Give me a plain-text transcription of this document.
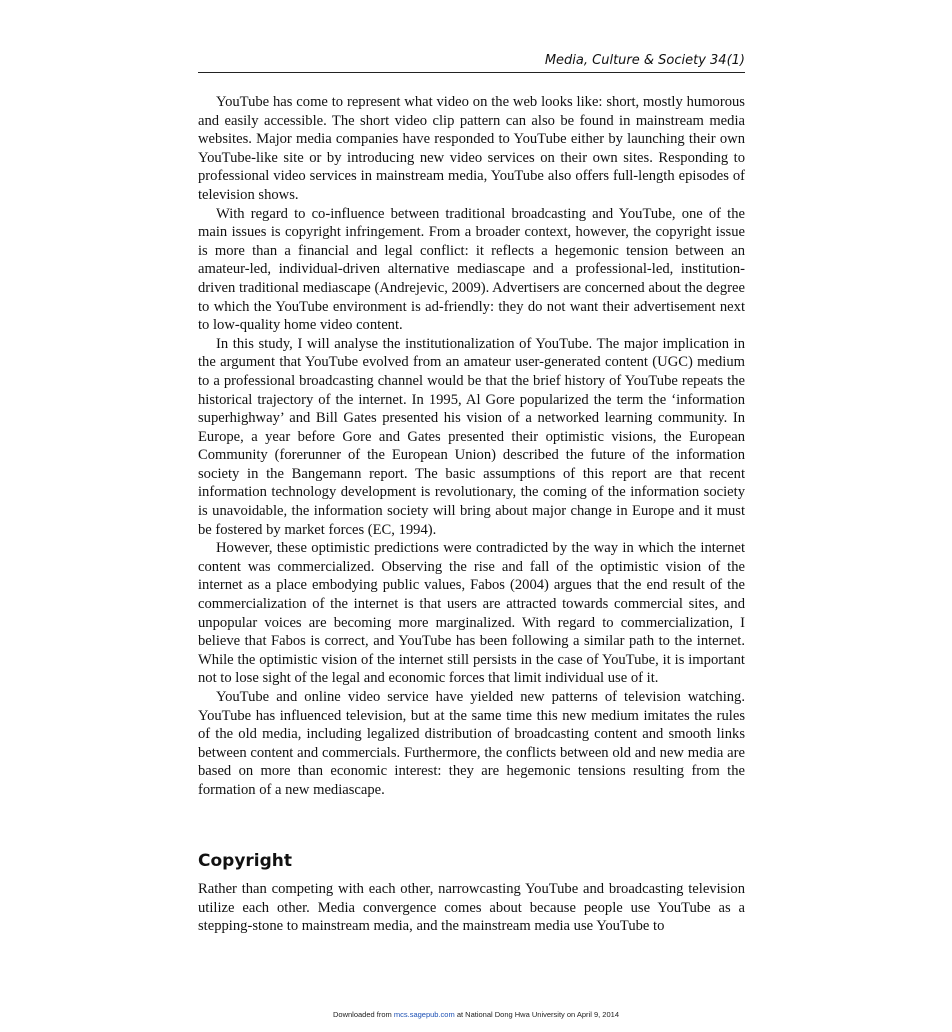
Media, Culture & Society 34(1)

YouTube has come to represent what video on the web looks like: short, mostly humorous and easily accessible. The short video clip pattern can also be found in mainstream media websites. Major media companies have responded to YouTube either by launching their own YouTube-like site or by introducing new video services on their own sites. Responding to professional video services in mainstream media, YouTube also offers full-length episodes of television shows.

With regard to co-influence between traditional broadcasting and YouTube, one of the main issues is copyright infringement. From a broader context, however, the copyright issue is more than a financial and legal conflict: it reflects a hegemonic tension between an amateur-led, individual-driven alternative mediascape and a professional-led, institution-driven traditional mediascape (Andrejevic, 2009). Advertisers are concerned about the degree to which the YouTube environment is ad-friendly: they do not want their advertisement next to low-quality home video content.

In this study, I will analyse the institutionalization of YouTube. The major implication in the argument that YouTube evolved from an amateur user-generated content (UGC) medium to a professional broadcasting channel would be that the brief history of YouTube repeats the historical trajectory of the internet. In 1995, Al Gore popularized the term the ‘information superhighway’ and Bill Gates presented his vision of a networked learning community. In Europe, a year before Gore and Gates presented their optimistic visions, the European Community (forerunner of the European Union) described the future of the information society in the Bangemann report. The basic assumptions of this report are that recent information technology development is revolutionary, the coming of the information society is unavoidable, the information society will bring about major change in Europe and it must be fostered by market forces (EC, 1994).

However, these optimistic predictions were contradicted by the way in which the internet content was commercialized. Observing the rise and fall of the optimistic vision of the internet as a place embodying public values, Fabos (2004) argues that the end result of the commercialization of the internet is that users are attracted towards commercial sites, and unpopular voices are becoming more marginalized. With regard to commercialization, I believe that Fabos is correct, and YouTube has been following a similar path to the internet. While the optimistic vision of the internet still persists in the case of YouTube, it is important not to lose sight of the legal and economic forces that limit individual use of it.

YouTube and online video service have yielded new patterns of television watching. YouTube has influenced television, but at the same time this new medium imitates the rules of the old media, including legalized distribution of broadcasting content and smooth links between content and commercials. Furthermore, the conflicts between old and new media are based on more than economic interest: they are hegemonic tensions resulting from the formation of a new mediascape.

Copyright

Rather than competing with each other, narrowcasting YouTube and broadcasting television utilize each other. Media convergence comes about because people use YouTube as a stepping-stone to mainstream media, and the mainstream media use YouTube to

Downloaded from mcs.sagepub.com at National Dong Hwa University on April 9, 2014
